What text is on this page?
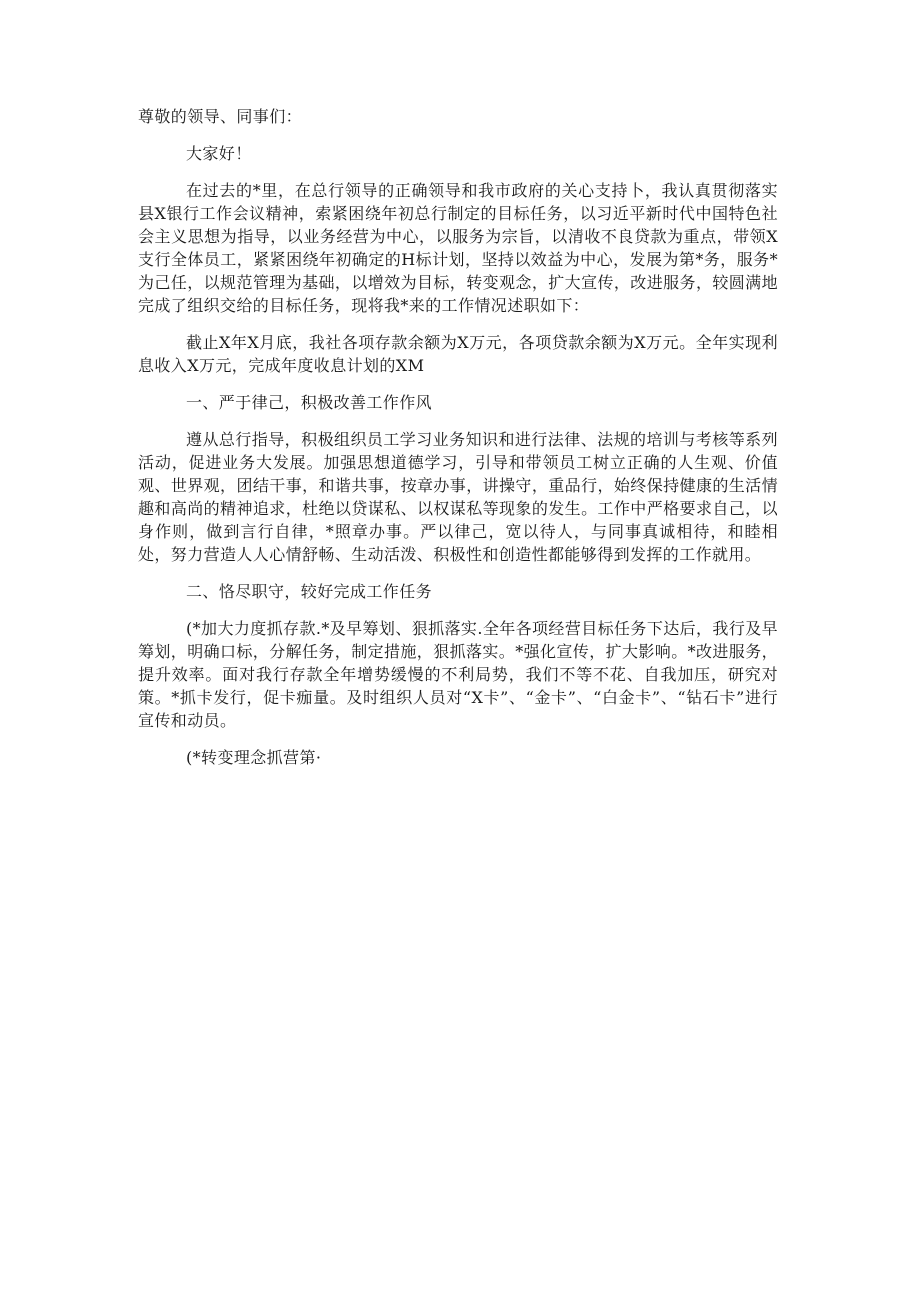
尊敬的领导、同事们：

大家好！

在过去的*里，在总行领导的正确领导和我市政府的关心支持卜，我认真贯彻落实县X银行工作会议精神，索紧困绕年初总行制定的目标任务，以习近平新时代中国特色社会主义思想为指导，以业务经营为中心，以服务为宗旨，以清收不良贷款为重点，带领X支行全体员工，紧紧困绕年初确定的H标计划，坚持以效益为中心，发展为第*务，服务*为己任，以规范管理为基础，以增效为目标，转变观念，扩大宣传，改进服务，较圆满地完成了组织交给的目标任务，现将我*来的工作情况述职如下：

截止X年X月底，我社各项存款余额为X万元，各项贷款余额为X万元。全年实现利息收入X万元，完成年度收息计划的XM

一、严于律己，积极改善工作作风

遵从总行指导，积极组织员工学习业务知识和进行法律、法规的培训与考核等系列活动，促进业务大发展。加强思想道德学习，引导和带领员工树立正确的人生观、价值观、世界观，团结干事，和谐共事，按章办事，讲操守，重品行，始终保持健康的生活情趣和高尚的精神追求，杜绝以贷谋私、以权谋私等现象的发生。工作中严格要求自己，以身作则，做到言行自律，*照章办事。严以律己，宽以待人，与同事真诚相待，和睦相处，努力营造人人心情舒畅、生动活泼、积极性和创造性都能够得到发挥的工作就用。

二、恪尽职守，较好完成工作任务

(*加大力度抓存款.*及早筹划、狠抓落实.全年各项经营目标任务下达后，我行及早筹划，明确口标，分解任务，制定措施，狠抓落实。*强化宣传，扩大影响。*改进服务，提升效率。面对我行存款全年增势缓慢的不利局势，我们不等不花、自我加压，研究对策。*抓卡发行，促卡痂量。及时组织人员对“X卡”、“金卡”、“白金卡”、“钻石卡”进行宣传和动员。

(*转变理念抓营第·
